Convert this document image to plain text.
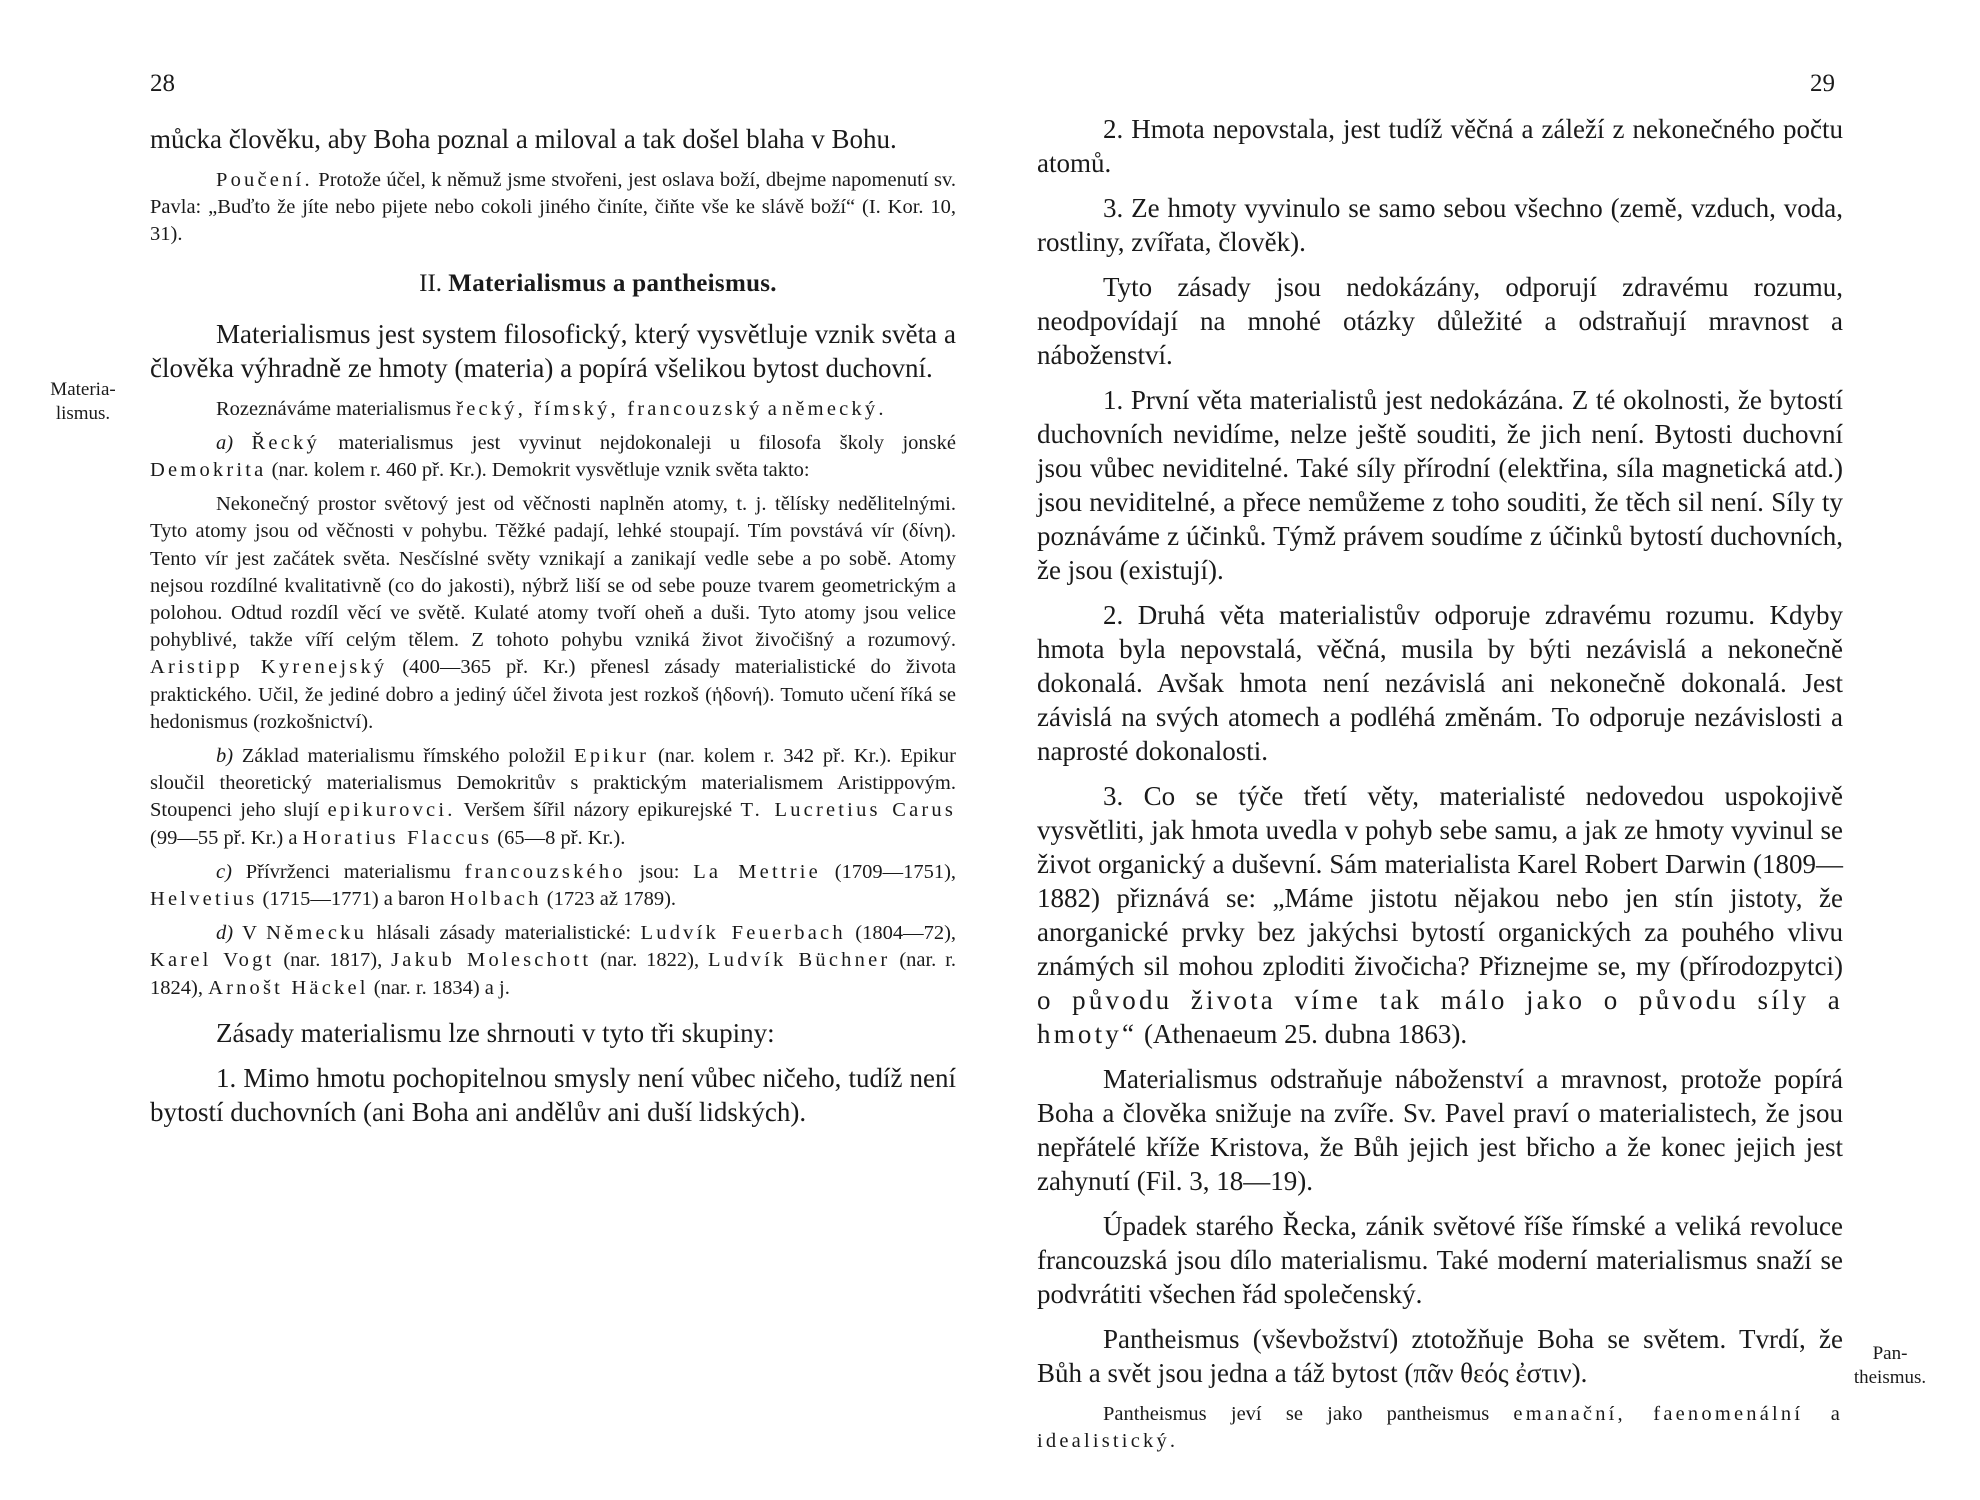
28
Materia-
lismus.

můcka člověku, aby Boha poznal a miloval a tak došel blaha v Bohu.

Poučení. Protože účel, k němuž jsme stvořeni, jest oslava boží, dbejme napomenutí sv. Pavla: „Buďto že jíte nebo pijete nebo cokoli jiného činíte, čiňte vše ke slávě boží“ (I. Kor. 10, 31).

II. Materialismus a pantheismus.

Materialismus jest system filosofický, který vysvětluje vznik světa a člověka výhradně ze hmoty (materia) a popírá všelikou bytost duchovní.

Rozeznáváme materialismus řecký, římský, francouzský a německý.

a) Řecký materialismus jest vyvinut nejdokonaleji u filosofa školy jonské Demokrita (nar. kolem r. 460 př. Kr.). Demokrit vysvětluje vznik světa takto:

Nekonečný prostor světový jest od věčnosti naplněn atomy, t. j. tělísky nedělitelnými. Tyto atomy jsou od věčnosti v pohybu. Těžké padají, lehké stoupají. Tím povstává vír (δίνη). Tento vír jest začátek světa. Nesčíslné světy vznikají a zanikají vedle sebe a po sobě. Atomy nejsou rozdílné kvalitativně (co do jakosti), nýbrž liší se od sebe pouze tvarem geometrickým a polohou. Odtud rozdíl věcí ve světě. Kulaté atomy tvoří oheň a duši. Tyto atomy jsou velice pohyblivé, takže víří celým tělem. Z tohoto pohybu vzniká život živočišný a rozumový. Aristipp Kyrenejský (400—365 př. Kr.) přenesl zásady materialistické do života praktického. Učil, že jediné dobro a jediný účel života jest rozkoš (ἡδονή). Tomuto učení říká se hedonismus (rozkošnictví).

b) Základ materialismu římského položil Epikur (nar. kolem r. 342 př. Kr.). Epikur sloučil theoretický materialismus Demokritův s praktickým materialismem Aristippovým. Stoupenci jeho slují epikurovci. Veršem šířil názory epikurejské T. Lucretius Carus (99—55 př. Kr.) a Horatius Flaccus (65—8 př. Kr.).

c) Přívrženci materialismu francouzského jsou: La Mettrie (1709—1751), Helvetius (1715—1771) a baron Holbach (1723 až 1789).

d) V Německu hlásali zásady materialistické: Ludvík Feuerbach (1804—72), Karel Vogt (nar. 1817), Jakub Moleschott (nar. 1822), Ludvík Büchner (nar. r. 1824), Arnošt Häckel (nar. r. 1834) a j.

Zásady materialismu lze shrnouti v tyto tři skupiny:

1. Mimo hmotu pochopitelnou smysly není vůbec ničeho, tudíž není bytostí duchovních (ani Boha ani andělův ani duší lidských).

29
Pan-
theismus.

2. Hmota nepovstala, jest tudíž věčná a záleží z nekonečného počtu atomů.

3. Ze hmoty vyvinulo se samo sebou všechno (země, vzduch, voda, rostliny, zvířata, člověk).

Tyto zásady jsou nedokázány, odporují zdravému rozumu, neodpovídají na mnohé otázky důležité a odstraňují mravnost a náboženství.

1. První věta materialistů jest nedokázána. Z té okolnosti, že bytostí duchovních nevidíme, nelze ještě souditi, že jich není. Bytosti duchovní jsou vůbec neviditelné. Také síly přírodní (elektřina, síla magnetická atd.) jsou neviditelné, a přece nemůžeme z toho souditi, že těch sil není. Síly ty poznáváme z účinků. Týmž právem soudíme z účinků bytostí duchovních, že jsou (existují).

2. Druhá věta materialistův odporuje zdravému rozumu. Kdyby hmota byla nepovstalá, věčná, musila by býti nezávislá a nekonečně dokonalá. Avšak hmota není nezávislá ani nekonečně dokonalá. Jest závislá na svých atomech a podléhá změnám. To odporuje nezávislosti a naprosté dokonalosti.

3. Co se týče třetí věty, materialisté nedovedou uspokojivě vysvětliti, jak hmota uvedla v pohyb sebe samu, a jak ze hmoty vyvinul se život organický a duševní. Sám materialista Karel Robert Darwin (1809—1882) přiznává se: „Máme jistotu nějakou nebo jen stín jistoty, že anorganické prvky bez jakýchsi bytostí organických za pouhého vlivu známých sil mohou zploditi živočicha? Přiznejme se, my (přírodozpytci) o původu života víme tak málo jako o původu síly a hmoty“ (Athenaeum 25. dubna 1863).

Materialismus odstraňuje náboženství a mravnost, protože popírá Boha a člověka snižuje na zvíře. Sv. Pavel praví o materialistech, že jsou nepřátelé kříže Kristova, že Bůh jejich jest břicho a že konec jejich jest zahynutí (Fil. 3, 18—19).

Úpadek starého Řecka, zánik světové říše římské a veliká revoluce francouzská jsou dílo materialismu. Také moderní materialismus snaží se podvrátiti všechen řád společenský.

Pantheismus (vševbožství) ztotožňuje Boha se světem. Tvrdí, že Bůh a svět jsou jedna a táž bytost (πᾶν θεός ἐστιν).

Pantheismus jeví se jako pantheismus emanační, faenomenální a idealistický.
